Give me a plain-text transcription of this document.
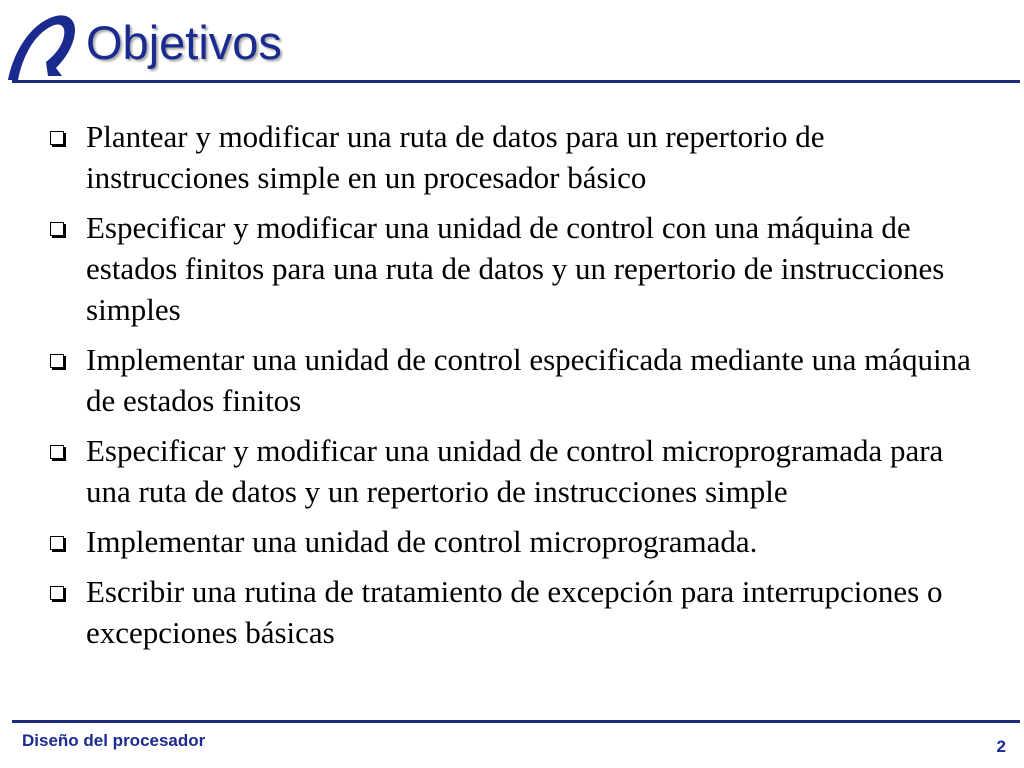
Objetivos
Plantear y modificar una ruta de datos para un repertorio de instrucciones simple en un procesador básico
Especificar y modificar una unidad de control con una máquina de estados finitos para una ruta de datos y un repertorio de instrucciones simples
Implementar una unidad de control especificada mediante una máquina de estados finitos
Especificar y modificar una unidad de control microprogramada para una ruta de datos y un repertorio de instrucciones simple
Implementar una unidad de control microprogramada.
Escribir una rutina de tratamiento de excepción para interrupciones o excepciones básicas
Diseño del procesador	2
